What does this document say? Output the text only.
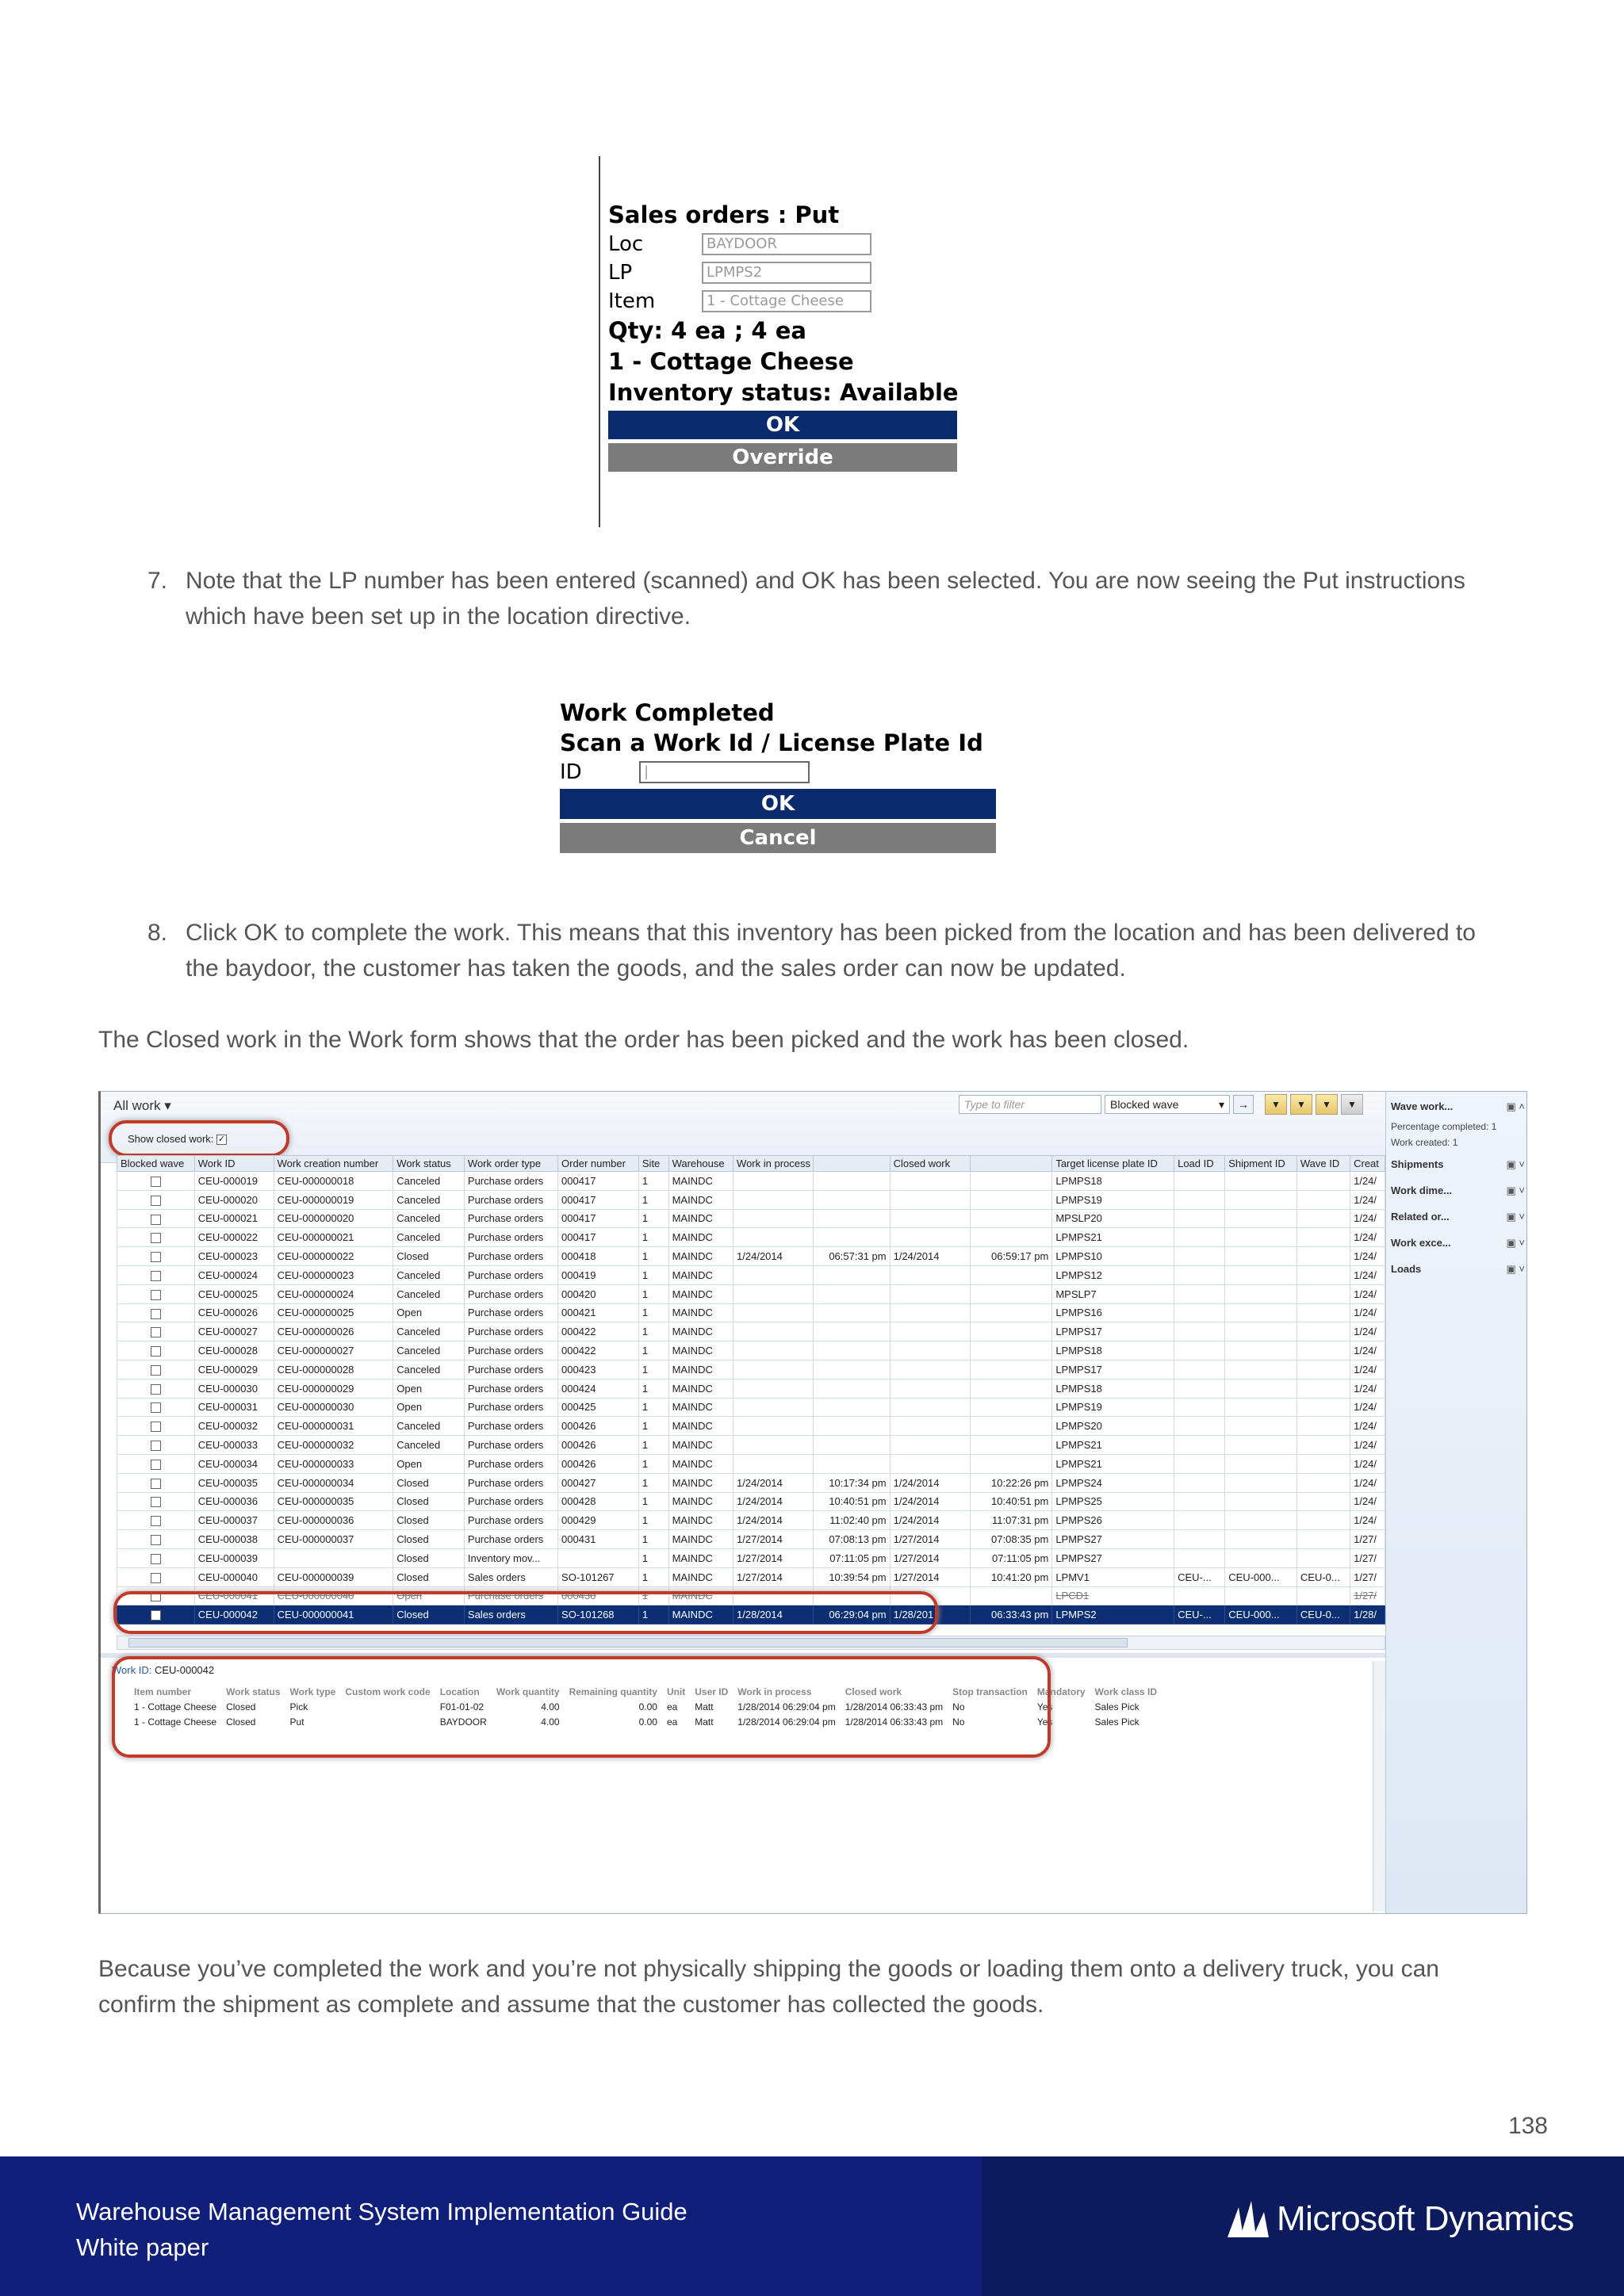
Sales orders : Put
Loc	BAYDOOR
LP	LPMPS2
Item	1 - Cottage Cheese
Qty: 4 ea ; 4 ea
1 - Cottage Cheese
Inventory status: Available
OK
Override
7. Note that the LP number has been entered (scanned) and OK has been selected. You are now seeing the Put instructions which have been set up in the location directive.
Work Completed
Scan a Work Id / License Plate Id
ID	|
OK
Cancel
8. Click OK to complete the work. This means that this inventory has been picked from the location and has been delivered to the baydoor, the customer has taken the goods, and the sales order can now be updated.
The Closed work in the Work form shows that the order has been picked and the work has been closed.
All work ▾	Type to filter	Blocked wave	▾	→	▼	▼	▼	▼
Show closed work: ✓
Blocked wave	Work ID	Work creation number	Work status	Work order type	Order number	Site	Warehouse	Work in process		Closed work		Target license plate ID	Load ID	Shipment ID	Wave ID	Creat
	CEU-000019	CEU-000000018	Canceled	Purchase orders	000417	1	MAINDC					LPMPS18				1/24/
	CEU-000020	CEU-000000019	Canceled	Purchase orders	000417	1	MAINDC					LPMPS19				1/24/
	CEU-000021	CEU-000000020	Canceled	Purchase orders	000417	1	MAINDC					MPSLP20				1/24/
	CEU-000022	CEU-000000021	Canceled	Purchase orders	000417	1	MAINDC					LPMPS21				1/24/
	CEU-000023	CEU-000000022	Closed	Purchase orders	000418	1	MAINDC	1/24/2014	06:57:31 pm	1/24/2014	06:59:17 pm	LPMPS10				1/24/
	CEU-000024	CEU-000000023	Canceled	Purchase orders	000419	1	MAINDC					LPMPS12				1/24/
	CEU-000025	CEU-000000024	Canceled	Purchase orders	000420	1	MAINDC					MPSLP7				1/24/
	CEU-000026	CEU-000000025	Open	Purchase orders	000421	1	MAINDC					LPMPS16				1/24/
	CEU-000027	CEU-000000026	Canceled	Purchase orders	000422	1	MAINDC					LPMPS17				1/24/
	CEU-000028	CEU-000000027	Canceled	Purchase orders	000422	1	MAINDC					LPMPS18				1/24/
	CEU-000029	CEU-000000028	Canceled	Purchase orders	000423	1	MAINDC					LPMPS17				1/24/
	CEU-000030	CEU-000000029	Open	Purchase orders	000424	1	MAINDC					LPMPS18				1/24/
	CEU-000031	CEU-000000030	Open	Purchase orders	000425	1	MAINDC					LPMPS19				1/24/
	CEU-000032	CEU-000000031	Canceled	Purchase orders	000426	1	MAINDC					LPMPS20				1/24/
	CEU-000033	CEU-000000032	Canceled	Purchase orders	000426	1	MAINDC					LPMPS21				1/24/
	CEU-000034	CEU-000000033	Open	Purchase orders	000426	1	MAINDC					LPMPS21				1/24/
	CEU-000035	CEU-000000034	Closed	Purchase orders	000427	1	MAINDC	1/24/2014	10:17:34 pm	1/24/2014	10:22:26 pm	LPMPS24				1/24/
	CEU-000036	CEU-000000035	Closed	Purchase orders	000428	1	MAINDC	1/24/2014	10:40:51 pm	1/24/2014	10:40:51 pm	LPMPS25				1/24/
	CEU-000037	CEU-000000036	Closed	Purchase orders	000429	1	MAINDC	1/24/2014	11:02:40 pm	1/24/2014	11:07:31 pm	LPMPS26				1/24/
	CEU-000038	CEU-000000037	Closed	Purchase orders	000431	1	MAINDC	1/27/2014	07:08:13 pm	1/27/2014	07:08:35 pm	LPMPS27				1/27/
	CEU-000039		Closed	Inventory mov...		1	MAINDC	1/27/2014	07:11:05 pm	1/27/2014	07:11:05 pm	LPMPS27				1/27/
	CEU-000040	CEU-000000039	Closed	Sales orders	SO-101267	1	MAINDC	1/27/2014	10:39:54 pm	1/27/2014	10:41:20 pm	LPMV1	CEU-...	CEU-000...	CEU-0...	1/27/
	CEU-000041	CEU-000000040	Open	Purchase orders	000430	1	MAINDC					LPCD1				1/27/
	CEU-000042	CEU-000000041	Closed	Sales orders	SO-101268	1	MAINDC	1/28/2014	06:29:04 pm	1/28/201	06:33:43 pm	LPMPS2	CEU-...	CEU-000...	CEU-0...	1/28/
Work ID: CEU-000042
Item number	Work status	Work type	Custom work code	Location	Work quantity	Remaining quantity	Unit	User ID	Work in process	Closed work	Stop transaction	Mandatory	Work class ID
1 - Cottage Cheese	Closed	Pick		F01-01-02	4.00	0.00	ea	Matt	1/28/2014 06:29:04 pm	1/28/2014 06:33:43 pm	No	Yes	Sales Pick
1 - Cottage Cheese	Closed	Put		BAYDOOR	4.00	0.00	ea	Matt	1/28/2014 06:29:04 pm	1/28/2014 06:33:43 pm	No	Yes	Sales Pick
Wave work...	▣ ˄
Percentage completed: 1
Work created: 1
Shipments	▣ ˅
Work dime...	▣ ˅
Related or...	▣ ˅
Work exce...	▣ ˅
Loads	▣ ˅
Because you’ve completed the work and you’re not physically shipping the goods or loading them onto a delivery truck, you can confirm the shipment as complete and assume that the customer has collected the goods.
138
Warehouse Management System Implementation Guide
White paper
Microsoft Dynamics
